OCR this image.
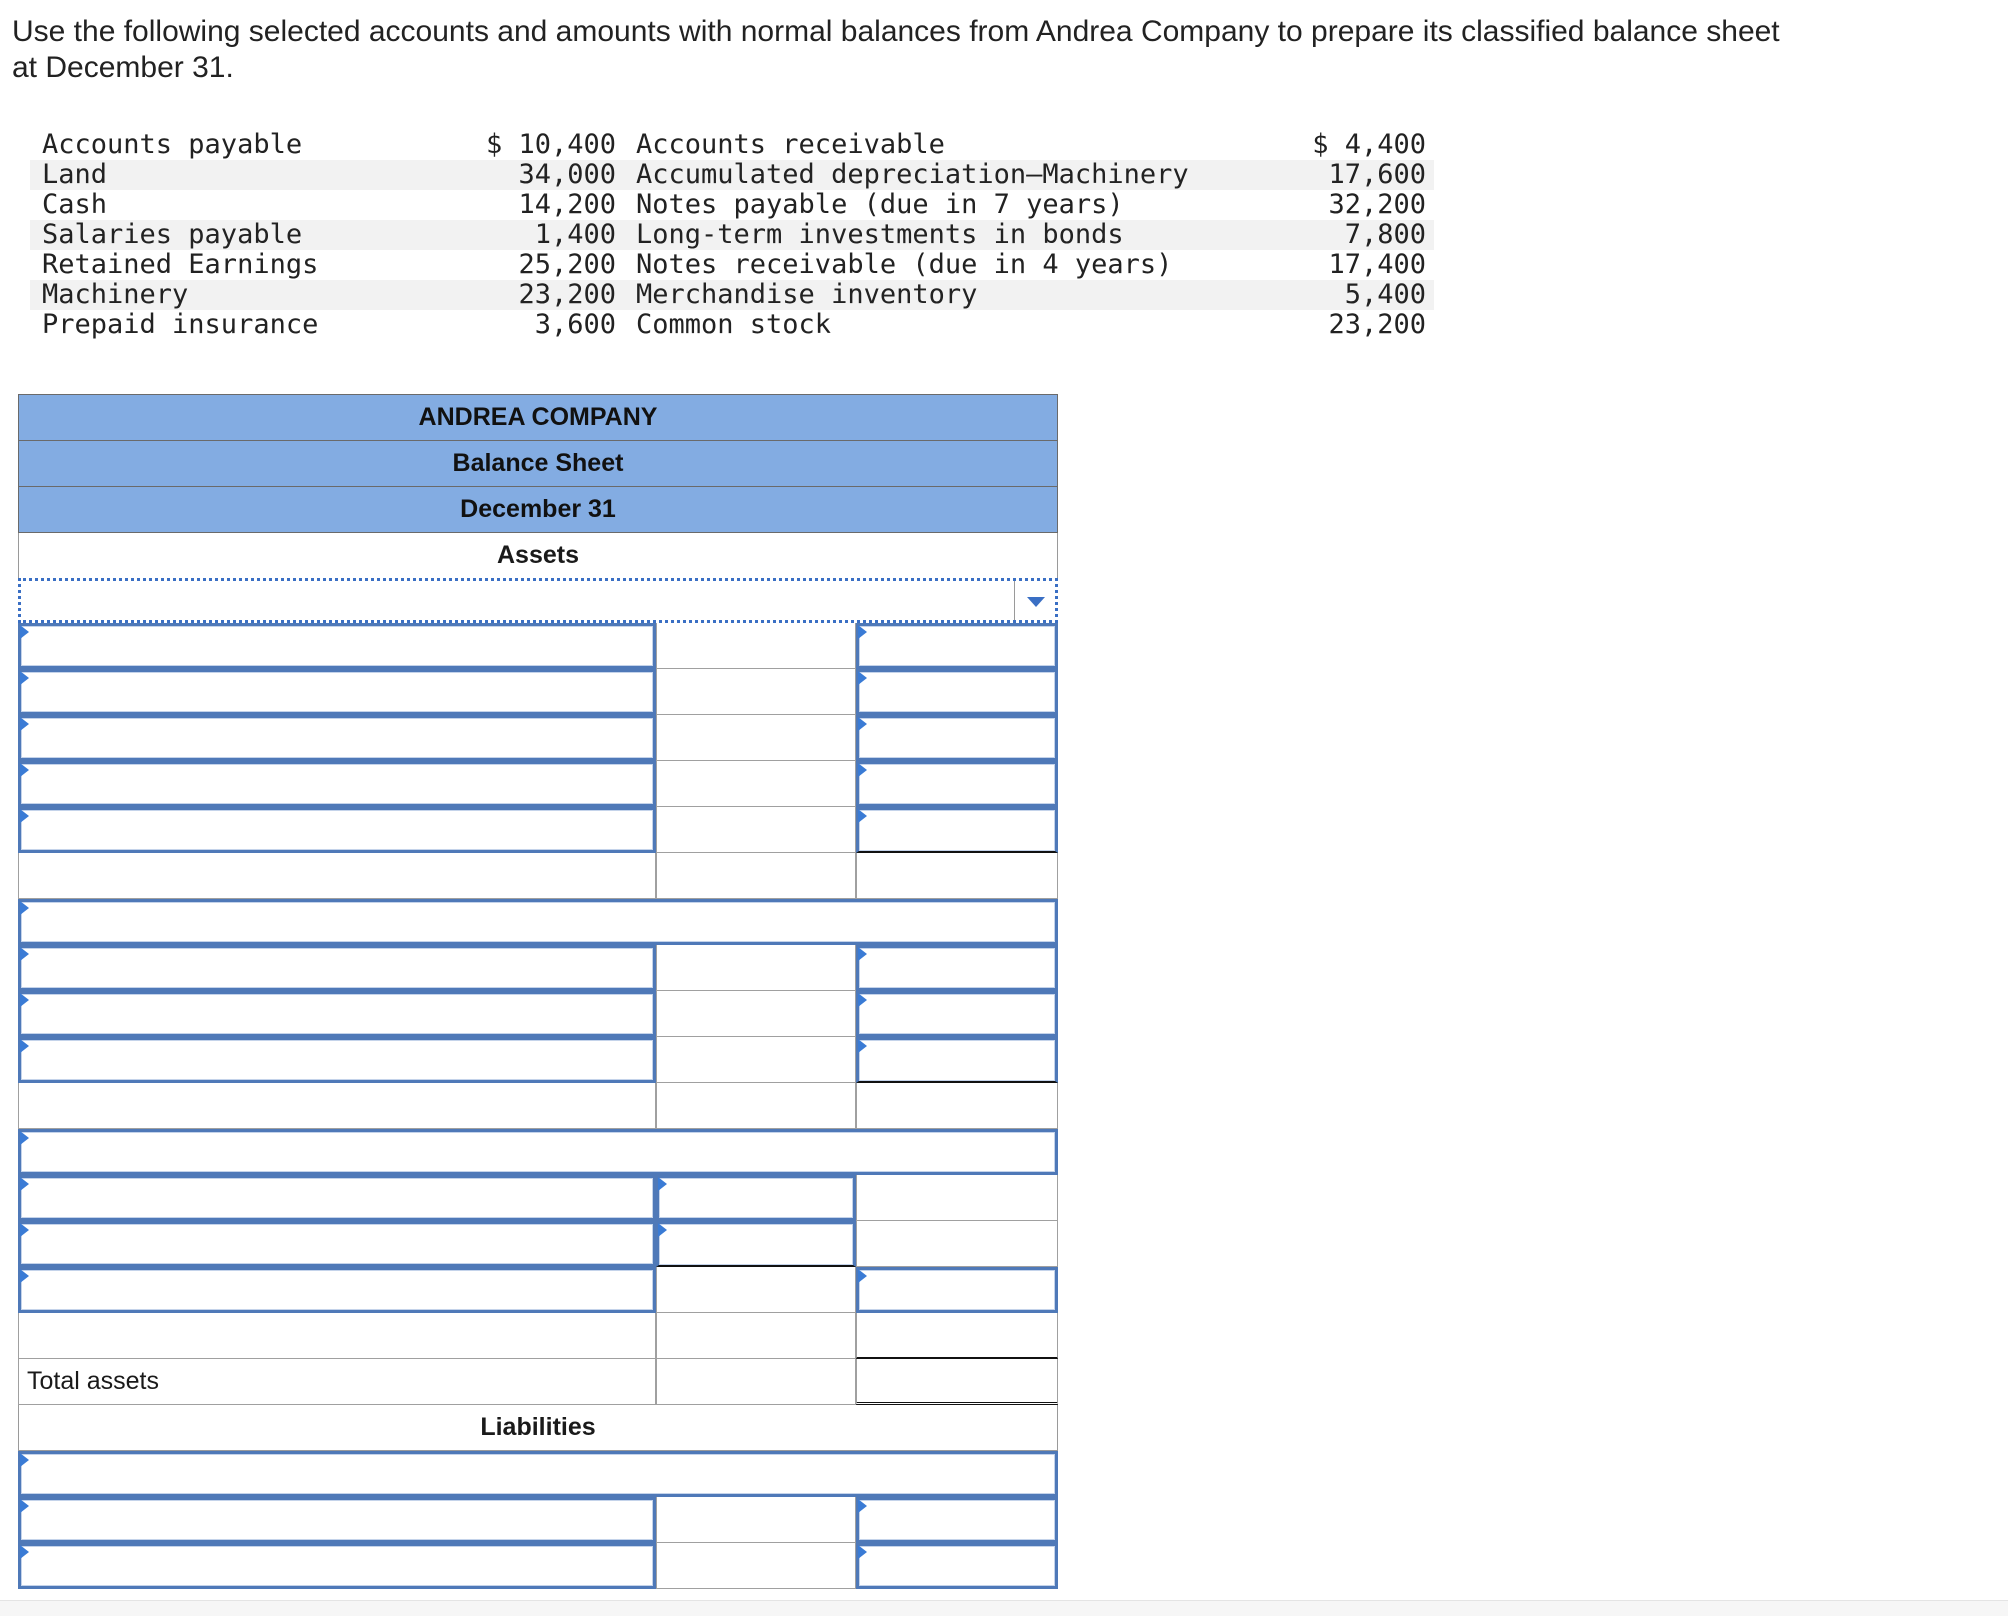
Use the following selected accounts and amounts with normal balances from Andrea Company to prepare its classified balance sheet
at December 31.
Accounts payable	$ 10,400 Accounts receivable	$ 4,400
Land	34,000 Accumulated depreciation—Machinery	17,600
Cash	14,200 Notes payable (due in 7 years)	32,200
Salaries payable	1,400 Long-term investments in bonds	7,800
Retained Earnings	25,200 Notes receivable (due in 4 years)	17,400
Machinery	23,200 Merchandise inventory	5,400
Prepaid insurance	3,600 Common stock	23,200
ANDREA COMPANY
Balance Sheet
December 31
Assets
Total assets
Liabilities
